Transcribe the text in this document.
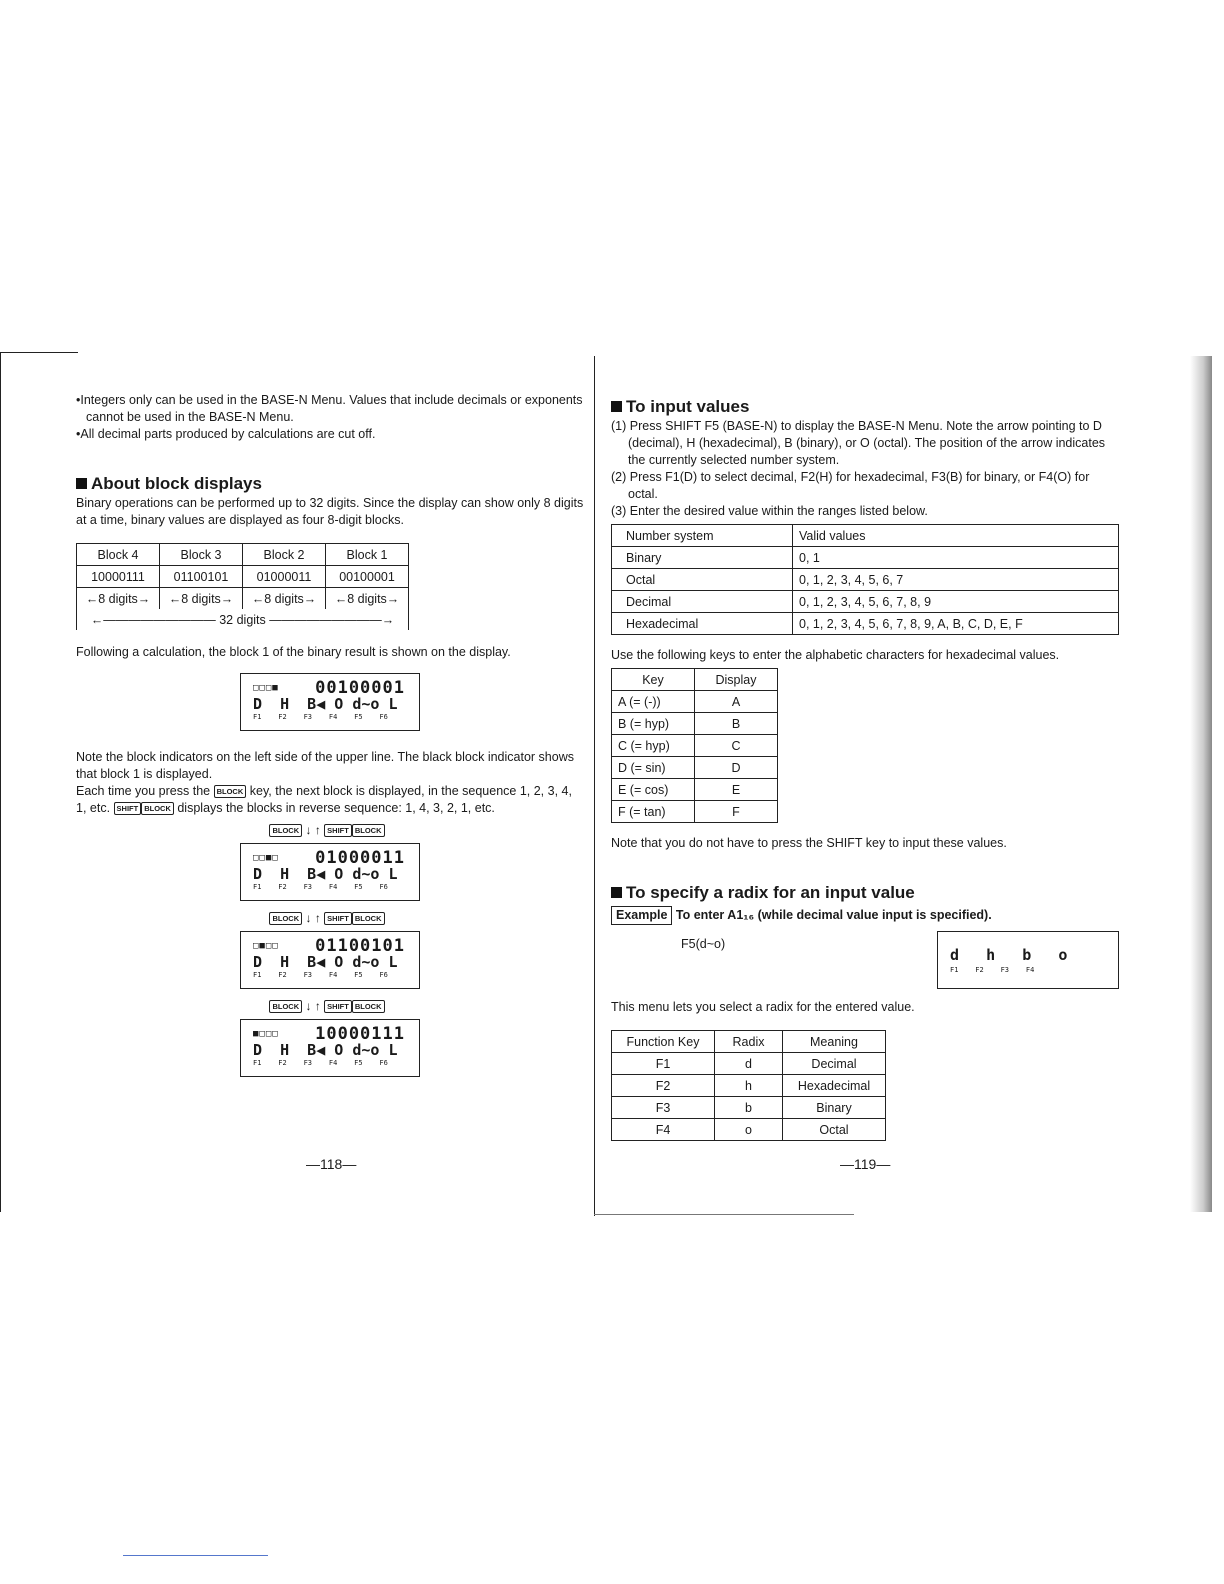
•Integers only can be used in the BASE-N Menu. Values that include decimals or exponents cannot be used in the BASE-N Menu.

•All decimal parts produced by calculations are cut off.

About block displays

Binary operations can be performed up to 32 digits. Since the display can show only 8 digits at a time, binary values are displayed as four 8-digit blocks.

Block 4	Block 3	Block 2	Block 1
10000111	01100101	01000011	00100001
←8 digits→	←8 digits→	←8 digits→	←8 digits→
←――――――――― 32 digits ―――――――――→			

Following a calculation, the block 1 of the binary result is shown on the display.

□□□■ 00100001
D  H  B◀ O d~o L
F1    F2    F3    F4    F5    F6

Note the block indicators on the left side of the upper line. The black block indicator shows that block 1 is displayed.

Each time you press the BLOCK key, the next block is displayed, in the sequence 1, 2, 3, 4, 1, etc. SHIFT BLOCK displays the blocks in reverse sequence: 1, 4, 3, 2, 1, etc.

BLOCK ↓ ↑ SHIFT BLOCK
□□■□ 01000011
D  H  B◀ O d~o L
F1    F2    F3    F4    F5    F6
BLOCK ↓ ↑ SHIFT BLOCK
□■□□ 01100101
D  H  B◀ O d~o L
F1    F2    F3    F4    F5    F6
BLOCK ↓ ↑ SHIFT BLOCK
■□□□ 10000111
D  H  B◀ O d~o L
F1    F2    F3    F4    F5    F6
—118—
To input values

(1) Press SHIFT F5 (BASE-N) to display the BASE-N Menu. Note the arrow pointing to D (decimal), H (hexadecimal), B (binary), or O (octal). The position of the arrow indicates the currently selected number system.

(2) Press F1(D) to select decimal, F2(H) for hexadecimal, F3(B) for binary, or F4(O) for octal.

(3) Enter the desired value within the ranges listed below.

Number system	Valid values
Binary	0, 1
Octal	0, 1, 2, 3, 4, 5, 6, 7
Decimal	0, 1, 2, 3, 4, 5, 6, 7, 8, 9
Hexadecimal	0, 1, 2, 3, 4, 5, 6, 7, 8, 9, A, B, C, D, E, F

Use the following keys to enter the alphabetic characters for hexadecimal values.

Key	Display
A (= (-))	A
B (= hyp)	B
C (= hyp)	C
D (= sin)	D
E (= cos)	E
F (= tan)	F

Note that you do not have to press the SHIFT key to input these values.

To specify a radix for an input value

Example To enter A1₁₆ (while decimal value input is specified).

F5(d~o)
d   h   b   o
F1    F2    F3    F4

This menu lets you select a radix for the entered value.

Function Key	Radix	Meaning
F1	d	Decimal
F2	h	Hexadecimal
F3	b	Binary
F4	o	Octal
—119—
